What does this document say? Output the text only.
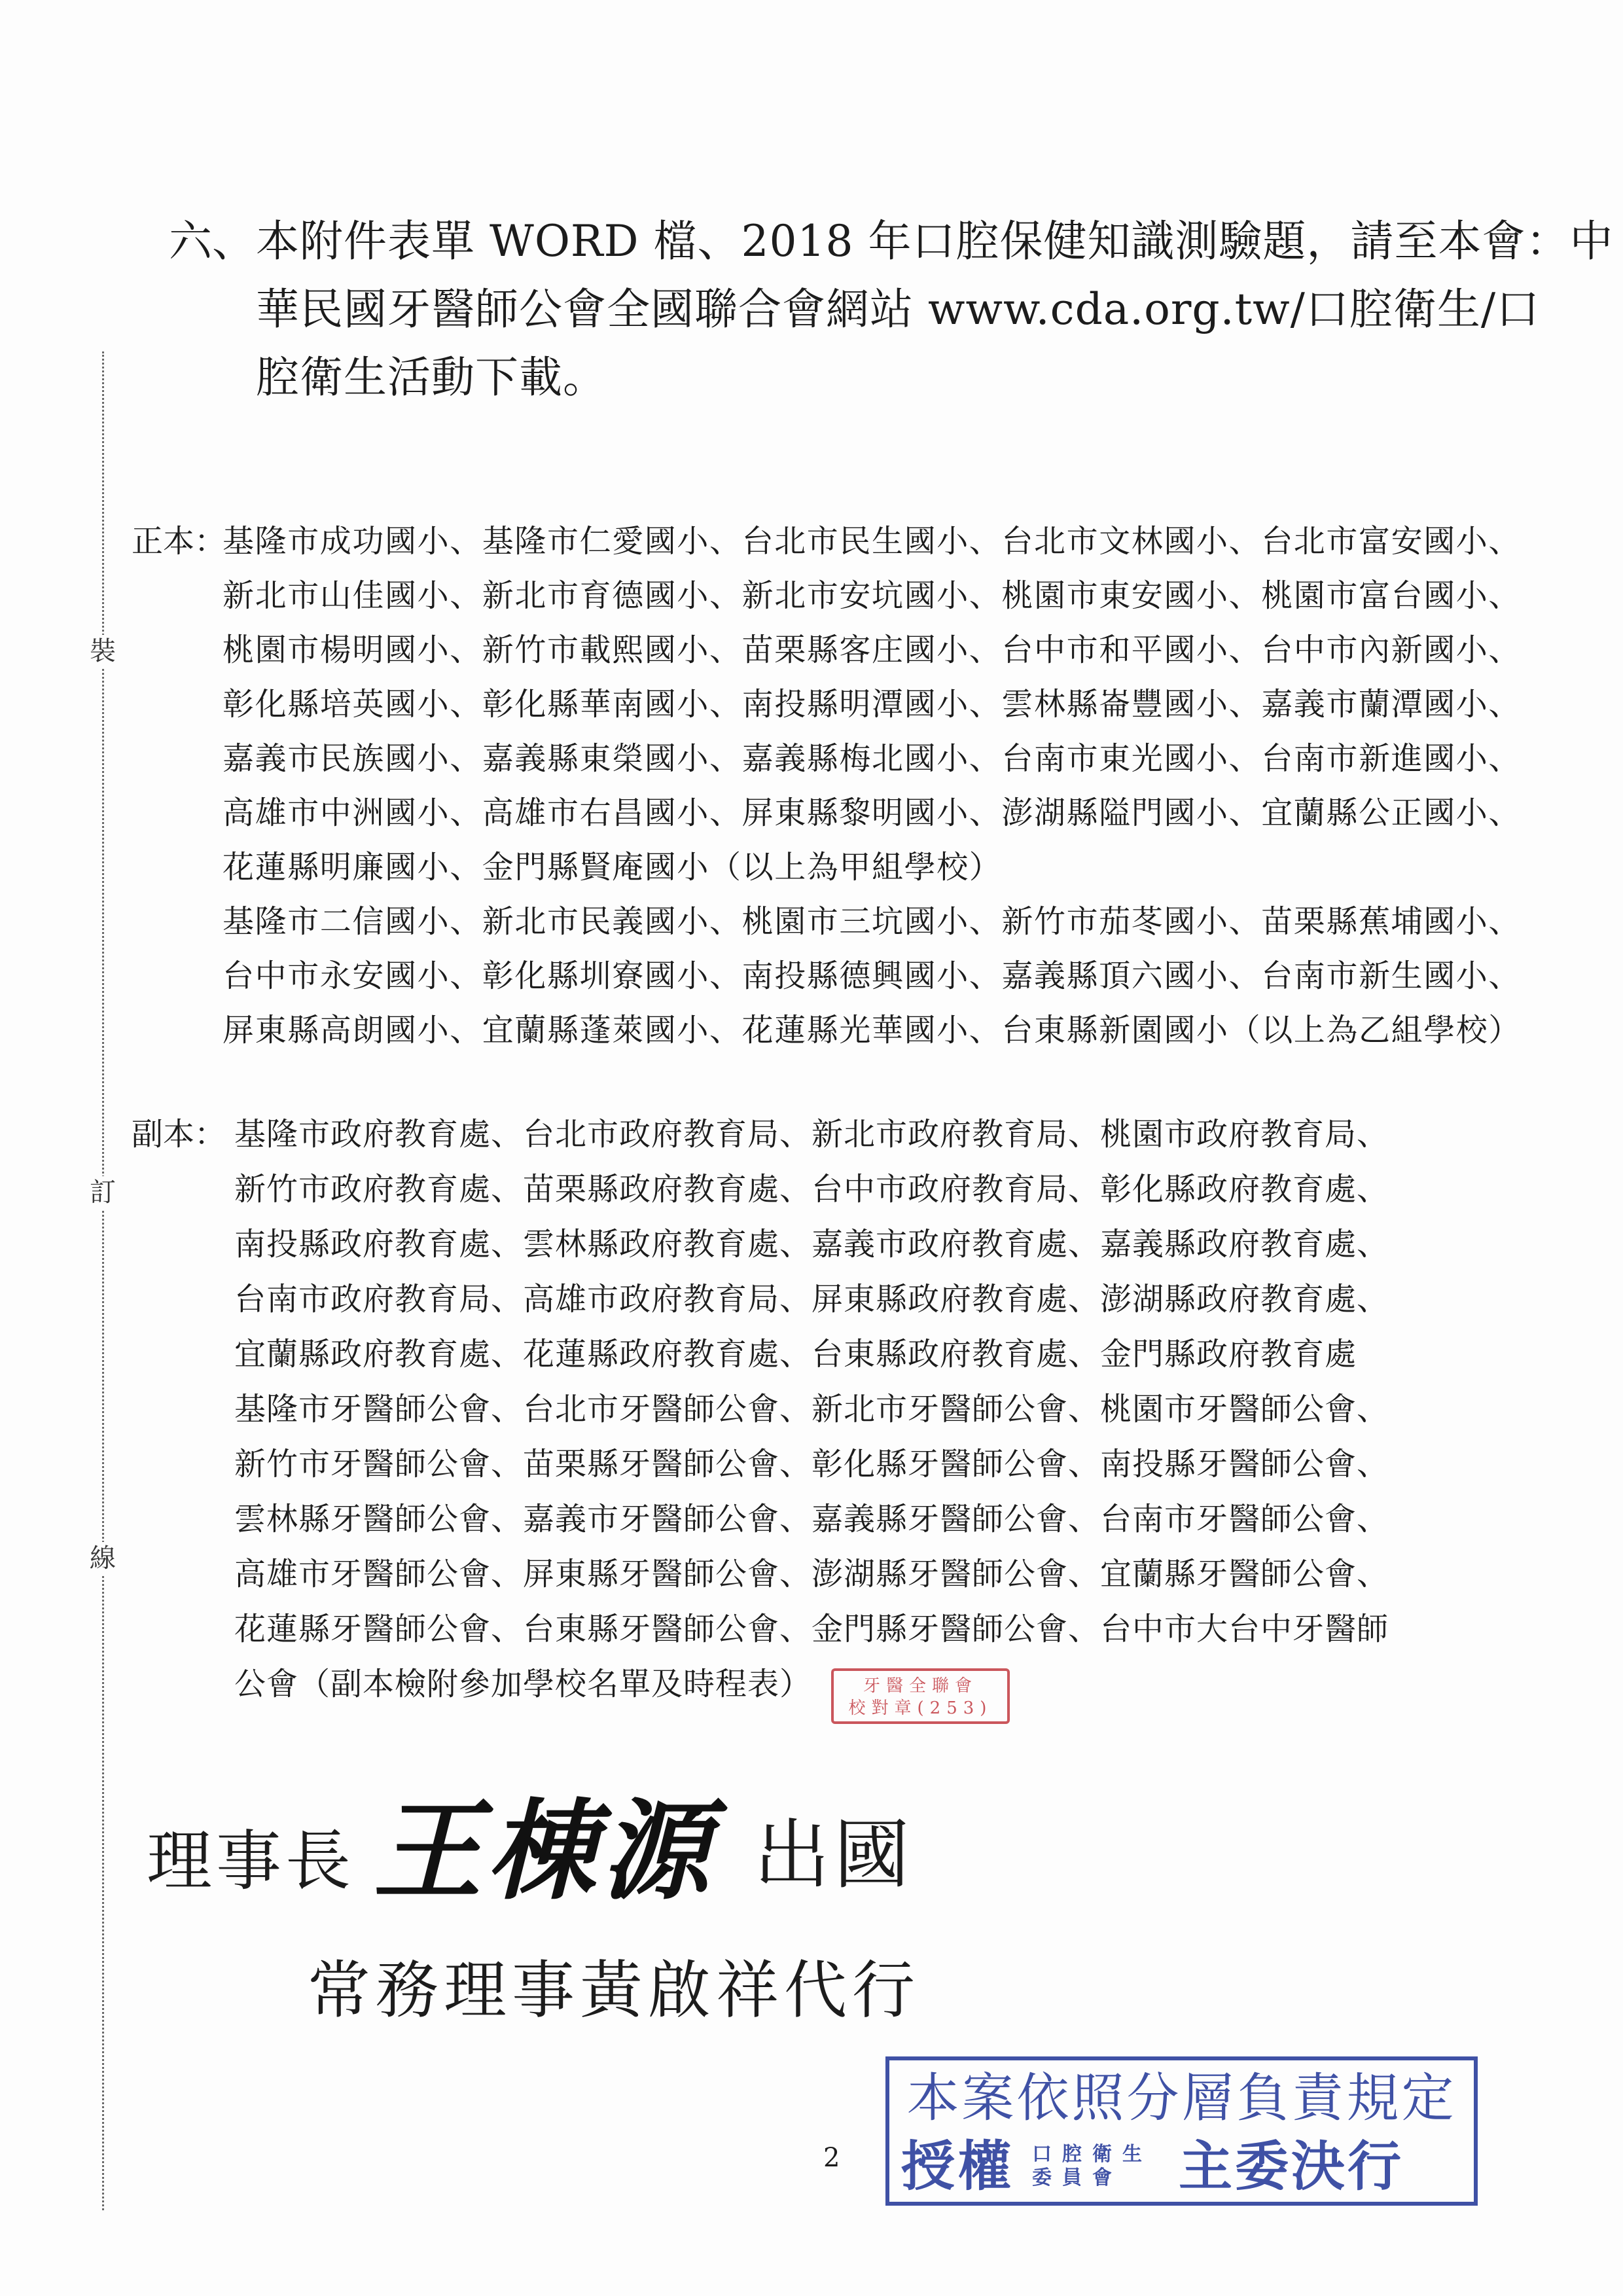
六、 本附件表單 WORD 檔、2018 年口腔保健知識測驗題，請至本會：中
華民國牙醫師公會全國聯合會網站 www.cda.org.tw/口腔衛生/口
腔衛生活動下載。
裝
訂
線
正本：
基隆市成功國小、基隆市仁愛國小、台北市民生國小、台北市文林國小、台北市富安國小、
新北市山佳國小、新北市育德國小、新北市安坑國小、桃園市東安國小、桃園市富台國小、
桃園市楊明國小、新竹市載熙國小、苗栗縣客庄國小、台中市和平國小、台中市內新國小、
彰化縣培英國小、彰化縣華南國小、南投縣明潭國小、雲林縣崙豐國小、嘉義市蘭潭國小、
嘉義市民族國小、嘉義縣東榮國小、嘉義縣梅北國小、台南市東光國小、台南市新進國小、
高雄市中洲國小、高雄市右昌國小、屏東縣黎明國小、澎湖縣隘門國小、宜蘭縣公正國小、
花蓮縣明廉國小、金門縣賢庵國小（以上為甲組學校）
基隆市二信國小、新北市民義國小、桃園市三坑國小、新竹市茄苳國小、苗栗縣蕉埔國小、
台中市永安國小、彰化縣圳寮國小、南投縣德興國小、嘉義縣頂六國小、台南市新生國小、
屏東縣高朗國小、宜蘭縣蓬萊國小、花蓮縣光華國小、台東縣新園國小（以上為乙組學校）
副本： 基隆市政府教育處、台北市政府教育局、新北市政府教育局、桃園市政府教育局、
新竹市政府教育處、苗栗縣政府教育處、台中市政府教育局、彰化縣政府教育處、
南投縣政府教育處、雲林縣政府教育處、嘉義市政府教育處、嘉義縣政府教育處、
台南市政府教育局、高雄市政府教育局、屏東縣政府教育處、澎湖縣政府教育處、
宜蘭縣政府教育處、花蓮縣政府教育處、台東縣政府教育處、金門縣政府教育處
基隆市牙醫師公會、台北市牙醫師公會、新北市牙醫師公會、桃園市牙醫師公會、
新竹市牙醫師公會、苗栗縣牙醫師公會、彰化縣牙醫師公會、南投縣牙醫師公會、
雲林縣牙醫師公會、嘉義市牙醫師公會、嘉義縣牙醫師公會、台南市牙醫師公會、
高雄市牙醫師公會、屏東縣牙醫師公會、澎湖縣牙醫師公會、宜蘭縣牙醫師公會、
花蓮縣牙醫師公會、台東縣牙醫師公會、金門縣牙醫師公會、台中市大台中牙醫師
公會（副本檢附參加學校名單及時程表）	牙醫全聯會
校對章(253)
理事長 王棟源 出國
常務理事黃啟祥代行
本案依照分層負責規定
授權 口腔衛生
委員會	主委決行
2
